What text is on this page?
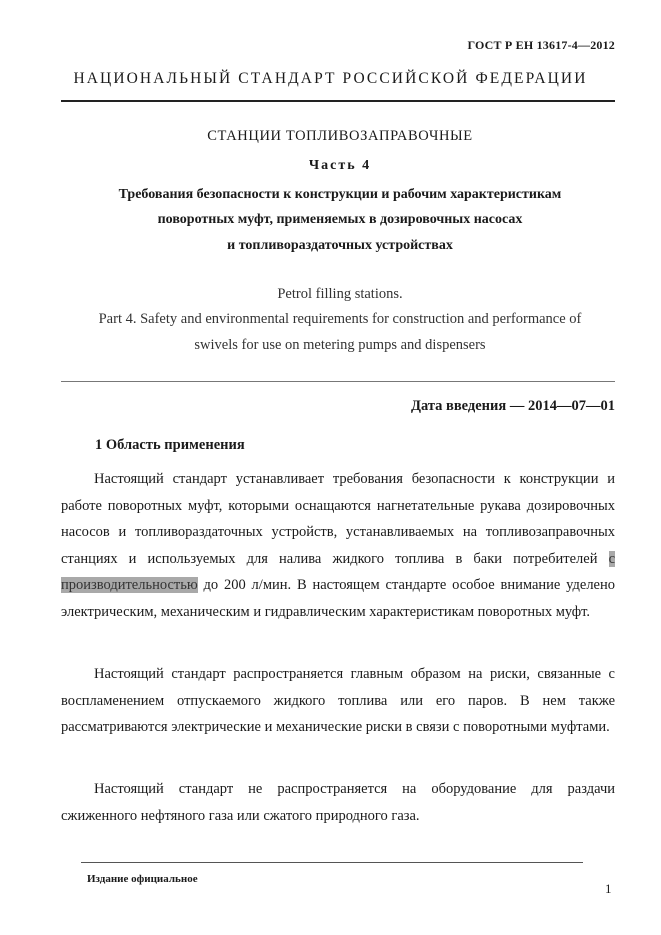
ГОСТ Р ЕН 13617-4—2012
НАЦИОНАЛЬНЫЙ СТАНДАРТ РОССИЙСКОЙ ФЕДЕРАЦИИ
СТАНЦИИ ТОПЛИВОЗАПРАВОЧНЫЕ
Часть 4
Требования безопасности к конструкции и рабочим характеристикам
поворотных муфт, применяемых в дозировочных насосах
и топливораздаточных устройствах
Petrol filling stations.
Part 4. Safety and environmental requirements for construction and performance of
swivels for use on metering pumps and dispensers
Дата введения — 2014—07—01
1 Область применения

Настоящий стандарт устанавливает требования безопасности к конструкции и работе поворотных муфт, которыми оснащаются нагнетательные рукава дозировочных насосов и топливораздаточных устройств, устанавливаемых на топливозаправочных станциях и используемых для налива жидкого топлива в баки потребителей с производительностью до 200 л/мин. В настоящем стандарте особое внимание уделено электрическим, механическим и гидравлическим характеристикам поворотных муфт.

Настоящий стандарт распространяется главным образом на риски, связанные с воспламенением отпускаемого жидкого топлива или его паров. В нем также рассматриваются электрические и механические риски в связи с поворотными муфтами.

Настоящий стандарт не распространяется на оборудование для раздачи сжиженного нефтяного газа или сжатого природного газа.

Издание официальное
1
